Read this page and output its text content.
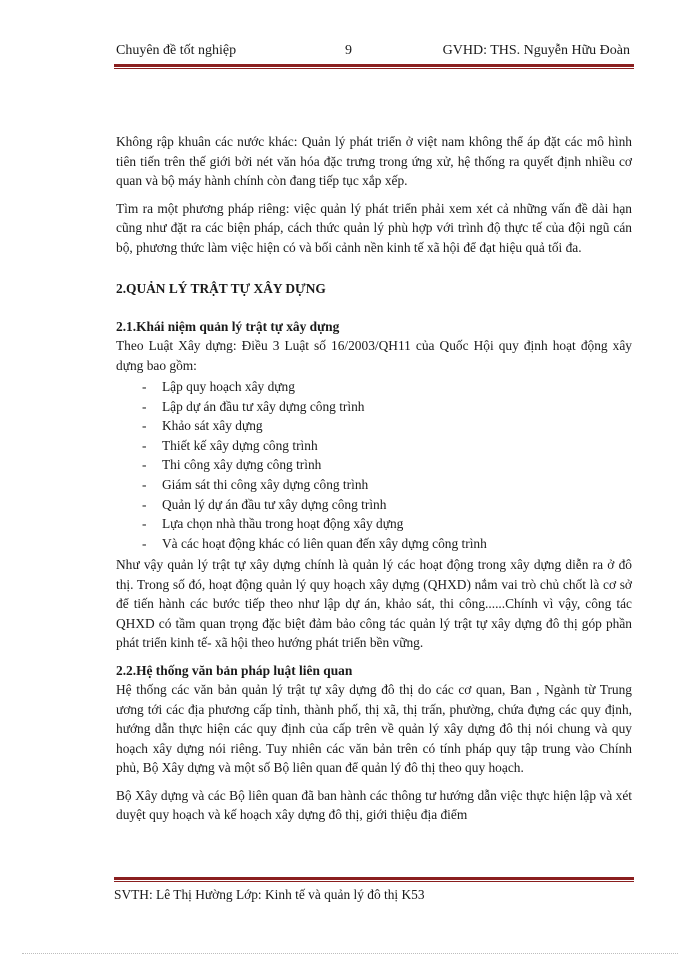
Chuyên đề tốt nghiệp	9	GVHD: THS. Nguyễn Hữu Đoàn

Không rập khuân các nước khác: Quản lý phát triển ở việt nam không thể áp đặt các mô hình tiên tiến trên thế giới bởi nét văn hóa đặc trưng trong ứng xử, hệ thống ra quyết định nhiều cơ quan và bộ máy hành chính còn đang tiếp tục xắp xếp.

Tìm ra một phương pháp riêng: việc quản lý phát triển phải xem xét cả những vấn đề dài hạn cũng như đặt ra các biện pháp, cách thức quản lý phù hợp với trình độ thực tế của đội ngũ cán bộ, phương thức làm việc hiện có và bối cảnh nền kinh tế xã hội để đạt hiệu quả tối đa.

2.QUẢN LÝ TRẬT TỰ XÂY DỰNG
2.1.Khái niệm quản lý trật tự xây dựng

Theo Luật Xây dựng: Điều 3 Luật số 16/2003/QH11 của Quốc Hội quy định hoạt động xây dựng bao gồm:

- Lập quy hoạch xây dựng
- Lập dự án đầu tư xây dựng công trình
- Khảo sát xây dựng
- Thiết kế xây dựng công trình
- Thi công xây dựng công trình
- Giám sát thi công xây dựng công trình
- Quản lý dự án đầu tư xây dựng công trình
- Lựa chọn nhà thầu trong hoạt động xây dựng
- Và các hoạt động khác có liên quan đến xây dựng công trình

Như vậy quản lý trật tự xây dựng chính là quản lý các hoạt động trong xây dựng diễn ra ở đô thị. Trong số đó, hoạt động quản lý quy hoạch xây dựng (QHXD) nắm vai trò chủ chốt là cơ sở để tiến hành các bước tiếp theo như lập dự án, khảo sát, thi công......Chính vì vậy, công tác QHXD có tầm quan trọng đặc biệt đảm bảo công tác quản lý trật tự xây dựng đô thị góp phần phát triển kinh tế- xã hội theo hướng phát triển bền vững.

2.2.Hệ thống văn bản pháp luật liên quan

Hệ thống các văn bản quản lý trật tự xây dựng đô thị do các cơ quan, Ban , Ngành từ Trung ương tới các địa phương cấp tỉnh, thành phố, thị xã, thị trấn, phường, chứa đựng các quy định, hướng dẫn thực hiện các quy định của cấp trên về quản lý xây dựng đô thị nói chung và quy hoạch xây dựng nói riêng. Tuy nhiên các văn bản trên có tính pháp quy tập trung vào Chính phủ, Bộ Xây dựng và một số Bộ liên quan để quản lý đô thị theo quy hoạch.

Bộ Xây dựng và các Bộ liên quan đã ban hành các thông tư hướng dẫn việc thực hiện lập và xét duyệt quy hoạch và kế hoạch xây dựng đô thị, giới thiệu địa điểm

SVTH: Lê Thị Hường Lớp: Kinh tế và quản lý đô thị K53
